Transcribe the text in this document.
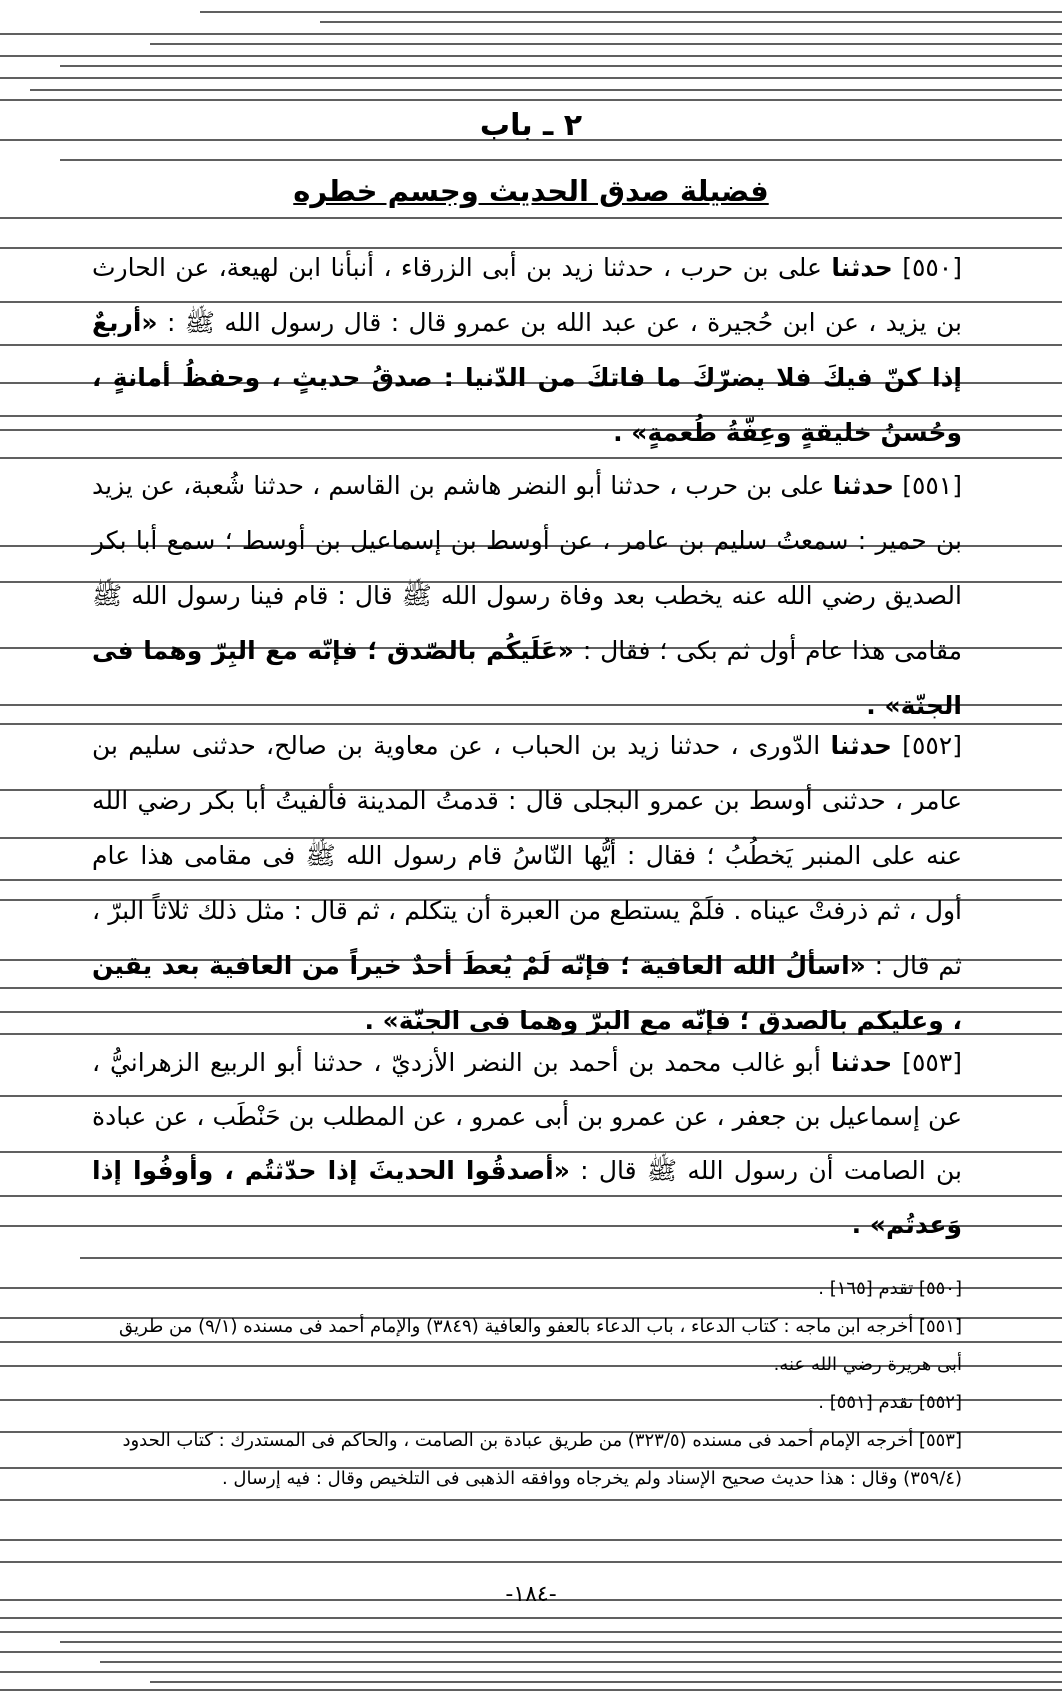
٢ ـ باب
فضيلة صدق الحديث وجسم خطره
[٥٥٠] حدثنا على بن حرب ، حدثنا زيد بن أبى الزرقاء ، أنبأنا ابن لهيعة، عن الحارث بن يزيد ، عن ابن حُجيرة ، عن عبد الله بن عمرو قال : قال رسول الله ﷺ : «أربعٌ إذا كنّ فيكَ فلا يضرّكَ ما فاتكَ من الدّنيا : صدقُ حديثٍ ، وحفظُ أمانةٍ ، وحُسنُ خليقةٍ وعِفّةُ طُعمةٍ» .
[٥٥١] حدثنا على بن حرب ، حدثنا أبو النضر هاشم بن القاسم ، حدثنا شُعبة، عن يزيد بن حمير : سمعتُ سليم بن عامر ، عن أوسط بن إسماعيل بن أوسط ؛ سمع أبا بكر الصديق رضي الله عنه يخطب بعد وفاة رسول الله ﷺ قال : قام فينا رسول الله ﷺ مقامى هذا عام أول ثم بكى ؛ فقال : «عَلَيكُم بالصّدق ؛ فإنّه مع البِرّ وهما فى الجنّة» .
[٥٥٢] حدثنا الدّورى ، حدثنا زيد بن الحباب ، عن معاوية بن صالح، حدثنى سليم بن عامر ، حدثنى أوسط بن عمرو البجلى قال : قدمتُ المدينة فألفيتُ أبا بكر رضي الله عنه على المنبر يَخطُبُ ؛ فقال : أيُّها النّاسُ قام رسول الله ﷺ فى مقامى هذا عام أول ، ثم ذرفتْ عيناه . فلَمْ يستطع من العبرة أن يتكلم ، ثم قال : مثل ذلك ثلاثاً البرّ ، ثم قال : «اسألُ الله العافية ؛ فإنّه لَمْ يُعطَ أحدٌ خيراً من العافية بعد يقين ، وعليكم بالصدق ؛ فإنّه مع البرّ وهما فى الجنّة» .
[٥٥٣] حدثنا أبو غالب محمد بن أحمد بن النضر الأزديّ ، حدثنا أبو الربيع الزهرانيُّ ، عن إسماعيل بن جعفر ، عن عمرو بن أبى عمرو ، عن المطلب بن حَنْطَب ، عن عبادة بن الصامت أن رسول الله ﷺ قال : «أصدقُوا الحديثَ إذا حدّثتُم ، وأوفُوا إذا وَعدتُم» .

[٥٥٠] تقدم [١٦٥] .

[٥٥١] أخرجه ابن ماجه : كتاب الدعاء ، باب الدعاء بالعفو والعافية (٣٨٤٩) والإمام أحمد فى مسنده (٩/١) من طريق أبى هريرة رضي الله عنه.

[٥٥٢] تقدم [٥٥١] .

[٥٥٣] أخرجه الإمام أحمد فى مسنده (٣٢٣/٥) من طريق عبادة بن الصامت ، والحاكم فى المستدرك : كتاب الحدود (٣٥٩/٤) وقال : هذا حديث صحيح الإسناد ولم يخرجاه ووافقه الذهبى فى التلخيص وقال : فيه إرسال .

-١٨٤-
